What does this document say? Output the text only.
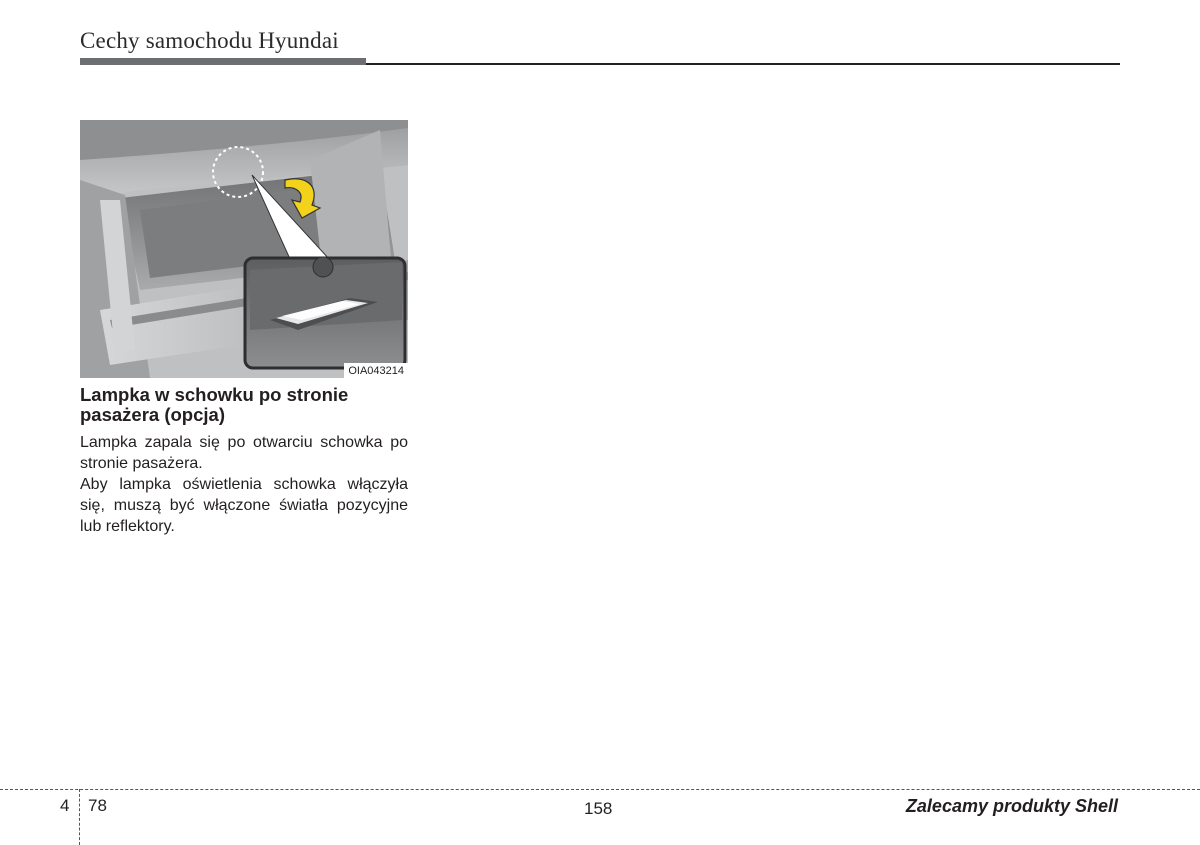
Cechy samochodu Hyundai
OIA043214
Lampka w schowku po stronie pasażera (opcja)

Lampka zapala się po otwarciu schowka po stronie pasażera.

Aby lampka oświetlenia schowka włączyła się, muszą być włączone światła pozycyjne lub reflektory.

4 78	158	Zalecamy produkty Shell
